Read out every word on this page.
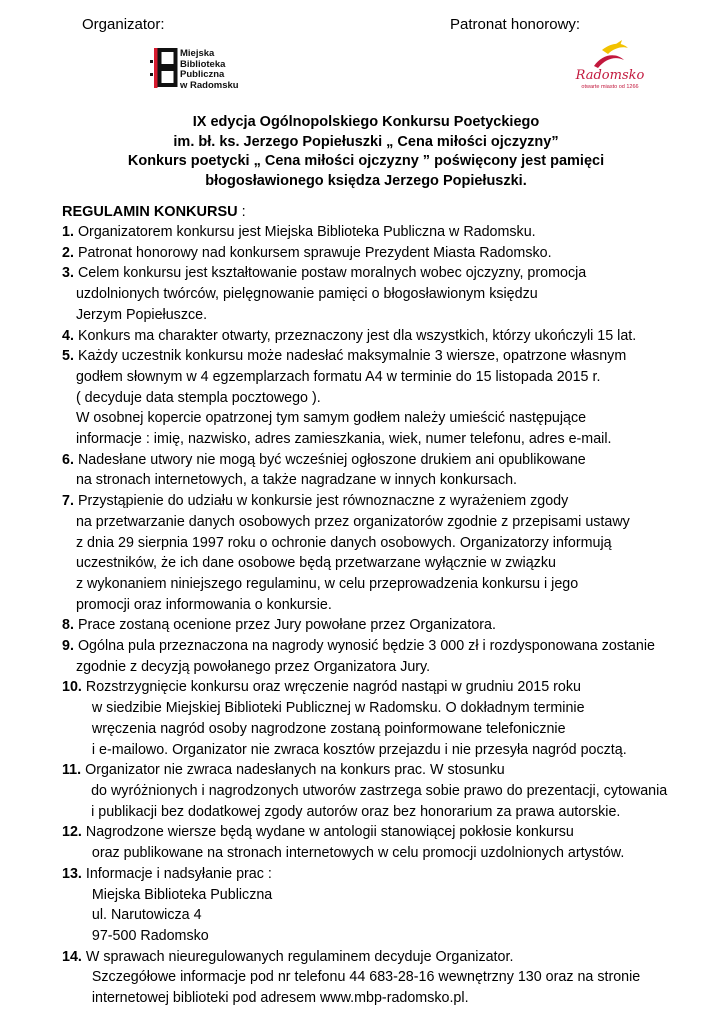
Organizator:	Patronat honorowy:
Miejska
Biblioteka
Publiczna
w Radomsku
Radomsko
otwarte miasto od 1266
IX edycja Ogólnopolskiego Konkursu Poetyckiego
im. bł. ks. Jerzego Popiełuszki „ Cena miłości ojczyzny”
Konkurs poetycki „ Cena miłości ojczyzny ” poświęcony jest pamięci
błogosławionego księdza Jerzego Popiełuszki.
REGULAMIN KONKURSU :
1. Organizatorem konkursu jest Miejska Biblioteka Publiczna w Radomsku.
2. Patronat honorowy nad konkursem sprawuje Prezydent Miasta Radomsko.
3. Celem konkursu jest kształtowanie postaw moralnych wobec ojczyzny, promocja
uzdolnionych twórców, pielęgnowanie pamięci o błogosławionym księdzu
Jerzym Popiełuszce.
4. Konkurs ma charakter otwarty, przeznaczony jest dla wszystkich, którzy ukończyli 15 lat.
5. Każdy uczestnik konkursu może nadesłać maksymalnie 3 wiersze, opatrzone własnym
godłem słownym w 4 egzemplarzach formatu A4 w terminie do 15 listopada 2015 r.
( decyduje data stempla pocztowego ).
W osobnej kopercie opatrzonej tym samym godłem należy umieścić następujące
informacje : imię, nazwisko, adres zamieszkania, wiek, numer telefonu, adres e-mail.
6. Nadesłane utwory nie mogą być wcześniej ogłoszone drukiem ani opublikowane
na stronach internetowych, a także nagradzane w innych konkursach.
7. Przystąpienie do udziału w konkursie jest równoznaczne z wyrażeniem zgody
na przetwarzanie danych osobowych przez organizatorów zgodnie z przepisami ustawy
z dnia 29 sierpnia 1997 roku o ochronie danych osobowych. Organizatorzy informują
uczestników, że ich dane osobowe będą przetwarzane wyłącznie w związku
z wykonaniem niniejszego regulaminu, w celu przeprowadzenia konkursu i jego
promocji oraz informowania o konkursie.
8. Prace zostaną ocenione przez Jury powołane przez Organizatora.
9. Ogólna pula przeznaczona na nagrody wynosić będzie 3 000 zł i rozdysponowana zostanie
zgodnie z decyzją powołanego przez Organizatora Jury.
10. Rozstrzygnięcie konkursu oraz wręczenie nagród nastąpi w grudniu 2015 roku
w siedzibie Miejskiej Biblioteki Publicznej w Radomsku. O dokładnym terminie
wręczenia nagród osoby nagrodzone zostaną poinformowane telefonicznie
i e-mailowo. Organizator nie zwraca kosztów przejazdu i nie przesyła nagród pocztą.
11. Organizator nie zwraca nadesłanych na konkurs prac. W stosunku
do wyróżnionych i nagrodzonych utworów zastrzega sobie prawo do prezentacji, cytowania
i publikacji bez dodatkowej zgody autorów oraz bez honorarium za prawa autorskie.
12. Nagrodzone wiersze będą wydane w antologii stanowiącej pokłosie konkursu
oraz publikowane na stronach internetowych w celu promocji uzdolnionych artystów.
13. Informacje i nadsyłanie prac :
Miejska Biblioteka Publiczna
ul. Narutowicza 4
97-500 Radomsko
14. W sprawach nieuregulowanych regulaminem decyduje Organizator.
Szczegółowe informacje pod nr telefonu 44 683-28-16 wewnętrzny 130 oraz na stronie
internetowej biblioteki pod adresem www.mbp-radomsko.pl.
